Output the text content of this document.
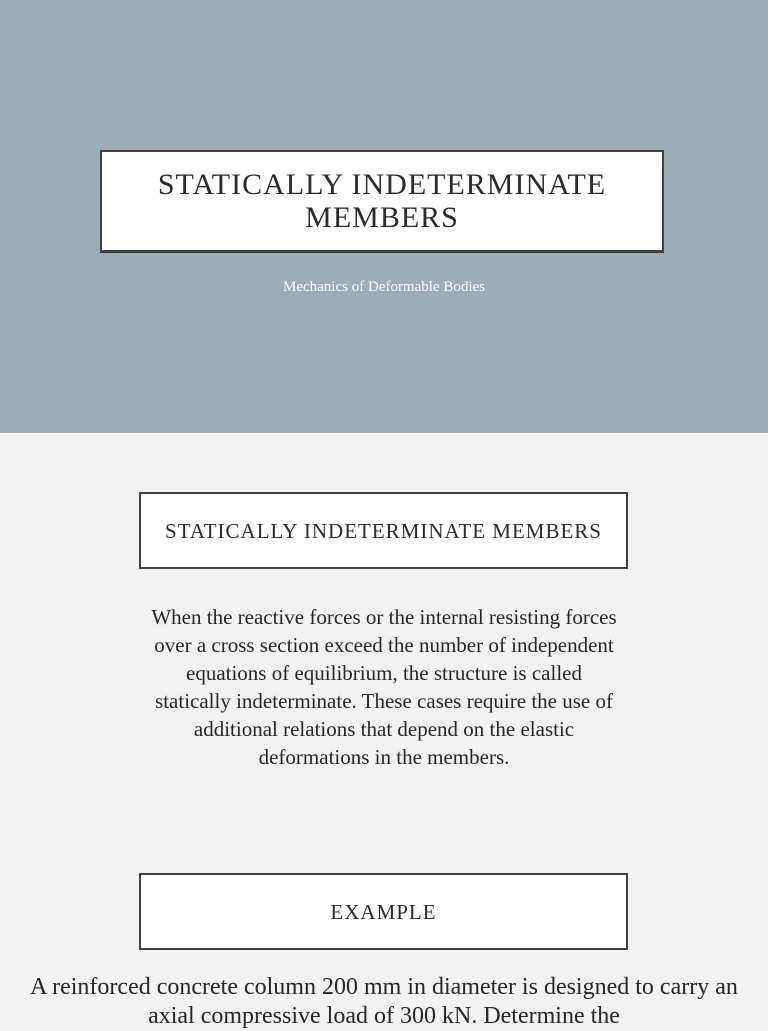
STATICALLY INDETERMINATE MEMBERS
Mechanics of Deformable Bodies
STATICALLY INDETERMINATE MEMBERS
When the reactive forces or the internal resisting forces over a cross section exceed the number of independent equations of equilibrium, the structure is called statically indeterminate. These cases require the use of additional relations that depend on the elastic deformations in the members.
EXAMPLE
A reinforced concrete column 200 mm in diameter is designed to carry an axial compressive load of 300 kN. Determine the
